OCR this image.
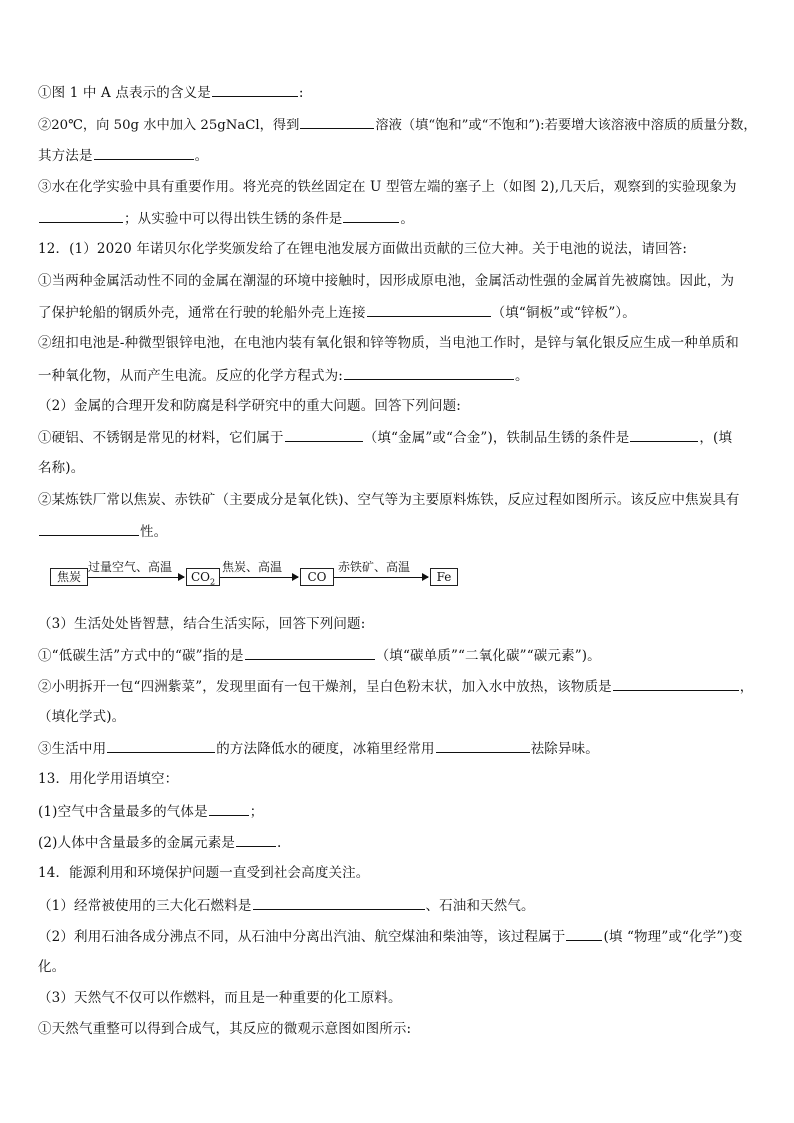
①图 1 中 A 点表示的含义是	:
②20℃，向 50g 水中加入 25gNaCl，得到	溶液（填“饱和”或“不饱和”):若要增大该溶液中溶质的质量分数，
其方法是	。
③水在化学实验中具有重要作用。将光亮的铁丝固定在 U 型管左端的塞子上（如图 2),几天后，观察到的实验现象为
；从实验中可以得出铁生锈的条件是	。
12．(1）2020 年诺贝尔化学奖颁发给了在锂电池发展方面做出贡献的三位大神。关于电池的说法，请回答:
①当两种金属活动性不同的金属在潮湿的环境中接触时，因形成原电池，金属活动性强的金属首先被腐蚀。因此，为
了保护轮船的钢质外壳，通常在行驶的轮船外壳上连接	（填“铜板”或“锌板”）。
②纽扣电池是-种微型银锌电池，在电池内装有氧化银和锌等物质，当电池工作时，是锌与氧化银反应生成一种单质和
一种氧化物，从而产生电流。反应的化学方程式为:	。
（2）金属的合理开发和防腐是科学研究中的重大问题。回答下列问题:
①硬铝、不锈钢是常见的材料，它们属于	（填“金属”或“合金”)，铁制品生锈的条件是	，(填
名称)。
②某炼铁厂常以焦炭、赤铁矿（主要成分是氧化铁)、空气等为主要原料炼铁，反应过程如图所示。该反应中焦炭具有
性。
焦炭
过量空气、高温
$CO_2$
焦炭、高温
CO
赤铁矿、高温
Fe
（3）生活处处皆智慧，结合生活实际，回答下列问题:
①“低碳生活”方式中的“碳”指的是	（填“碳单质”“二氧化碳”“碳元素”)。
②小明拆开一包“四洲紫菜”，发现里面有一包干燥剂，呈白色粉末状，加入水中放热，该物质是	，
（填化学式)。
③生活中用	的方法降低水的硬度，冰箱里经常用	祛除异味。
13．用化学用语填空：
(1)空气中含量最多的气体是	；
(2)人体中含量最多的金属元素是	.
14．能源利用和环境保护问题一直受到社会高度关注。
（1）经常被使用的三大化石燃料是	、石油和天然气。
（2）利用石油各成分沸点不同，从石油中分离出汽油、航空煤油和柴油等，该过程属于	(填 “物理”或“化学”)变
化。
（3）天然气不仅可以作燃料，而且是一种重要的化工原料。
①天然气重整可以得到合成气，其反应的微观示意图如图所示:
